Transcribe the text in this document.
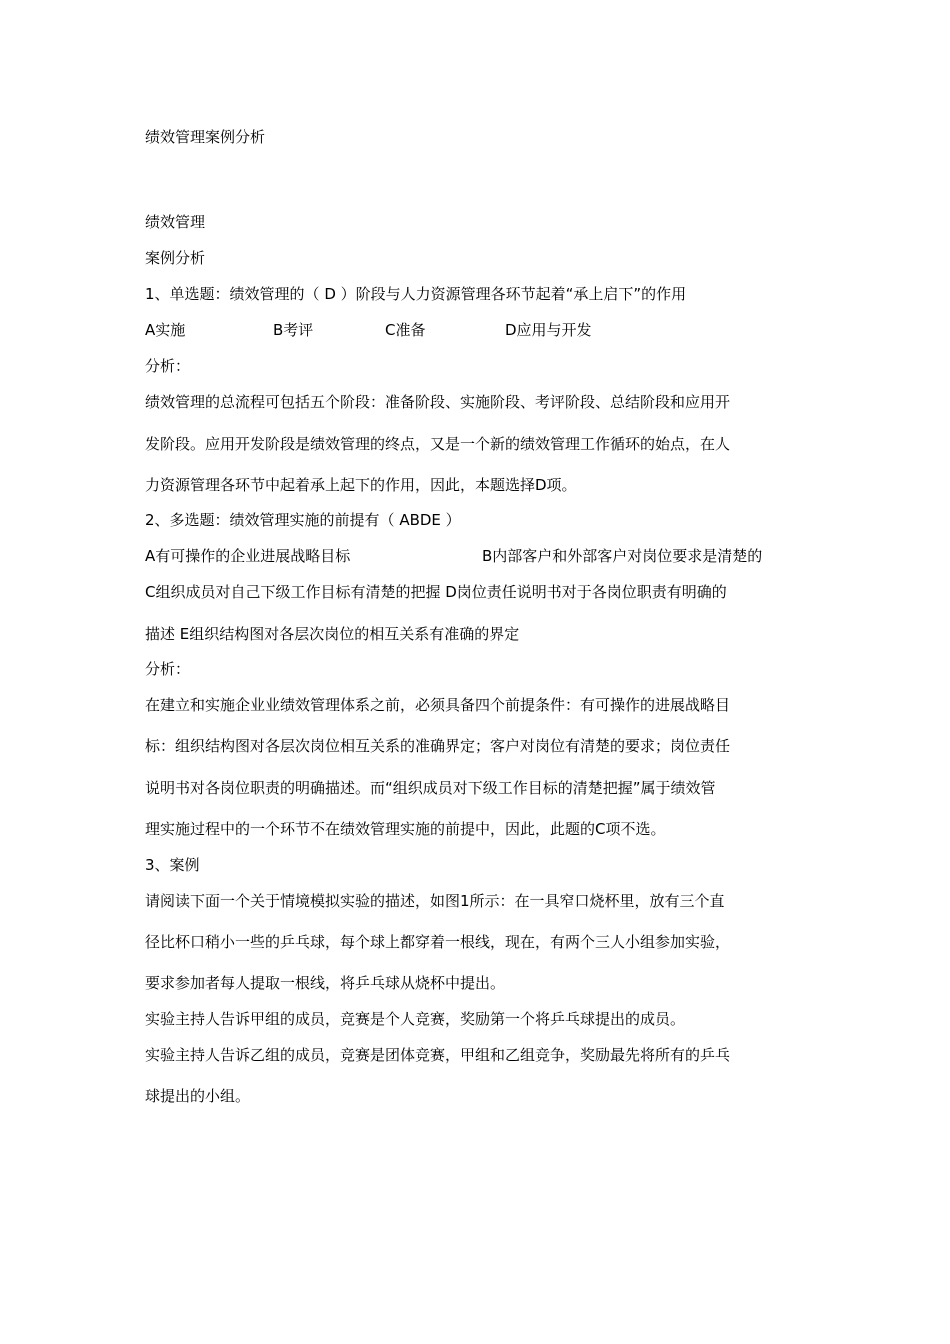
绩效管理案例分析
绩效管理
案例分析
1、单选题：绩效管理的（ D ）阶段与人力资源管理各环节起着“承上启下”的作用
A实施	B考评	C准备	D应用与开发
分析：
绩效管理的总流程可包括五个阶段：准备阶段、实施阶段、考评阶段、总结阶段和应用开
发阶段。应用开发阶段是绩效管理的终点，又是一个新的绩效管理工作循环的始点，在人
力资源管理各环节中起着承上起下的作用，因此，本题选择D项。
2、多选题：绩效管理实施的前提有（ ABDE ）
A有可操作的企业进展战略目标	B内部客户和外部客户对岗位要求是清楚的
C组织成员对自己下级工作目标有清楚的把握 D岗位责任说明书对于各岗位职责有明确的
描述 E组织结构图对各层次岗位的相互关系有准确的界定
分析：
在建立和实施企业业绩效管理体系之前，必须具备四个前提条件：有可操作的进展战略目
标：组织结构图对各层次岗位相互关系的准确界定；客户对岗位有清楚的要求；岗位责任
说明书对各岗位职责的明确描述。而“组织成员对下级工作目标的清楚把握”属于绩效管
理实施过程中的一个环节不在绩效管理实施的前提中，因此，此题的C项不选。
3、案例
请阅读下面一个关于情境模拟实验的描述，如图1所示：在一具窄口烧杯里，放有三个直
径比杯口稍小一些的乒乓球，每个球上都穿着一根线，现在，有两个三人小组参加实验，
要求参加者每人提取一根线，将乒乓球从烧杯中提出。
实验主持人告诉甲组的成员，竞赛是个人竞赛，奖励第一个将乒乓球提出的成员。
实验主持人告诉乙组的成员，竞赛是团体竞赛，甲组和乙组竞争，奖励最先将所有的乒乓
球提出的小组。
